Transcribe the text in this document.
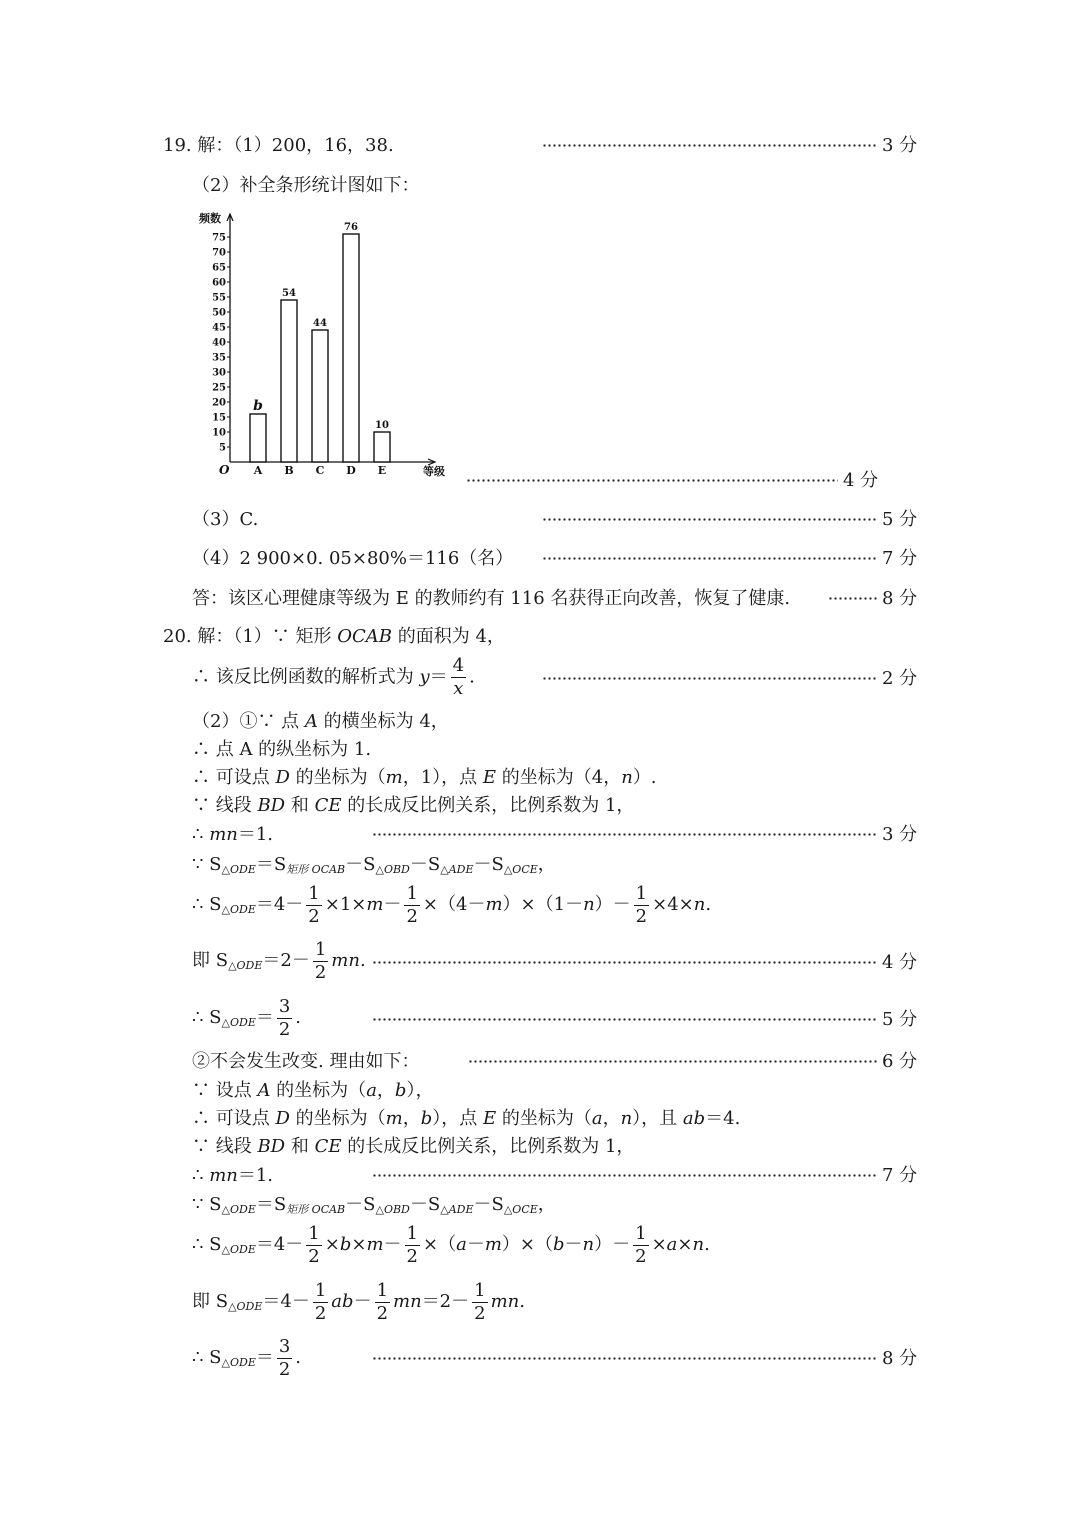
19. 解：（1）200，16，38.	3 分
（2）补全条形统计图如下：
频数
等级
O
5
10
15
20
25
30
35
40
45
50
55
60
65
70
75
A
b
B
54
C
44
D
76
E
10
4 分
（3）C.	5 分
（4）2 900×0. 05×80%＝116（名）	7 分
答：该区心理健康等级为 E 的教师约有 116 名获得正向改善，恢复了健康.	8 分
20. 解：（1）∵ 矩形 OCAB 的面积为 4，
∴ 该反比例函数的解析式为 $y= \frac{4}{x}$ .	2 分
（2）①∵ 点 A 的横坐标为 4，
∴ 点 A 的纵坐标为 1.
∴ 可设点 D 的坐标为（m，1），点 E 的坐标为（4，n）.
∵ 线段 BD 和 CE 的长成反比例关系，比例系数为 1，
∴ mn＝1.	3 分
∵ $S_{\triangle ODE}=S_{矩形 OCAB}-S_{\triangle OBD}-S_{\triangle ADE}-S_{\triangle OCE}$，
∴ $S_{\triangle ODE}=4- \frac{1}{2} \times 1\times m- \frac{1}{2} \times(4-m)\times(1-n)- \frac{1}{2} \times 4\times n$.
即 $S_{\triangle ODE}=2- \frac{1}{2}$ mn.	4 分
∴ $S_{\triangle ODE}= \frac{3}{2}$ .	5 分
②不会发生改变. 理由如下：	6 分
∵ 设点 A 的坐标为（a，b），
∴ 可设点 D 的坐标为（m，b），点 E 的坐标为（a，n），且 ab＝4.
∵ 线段 BD 和 CE 的长成反比例关系，比例系数为 1，
∴ mn＝1.	7 分
∵ $S_{\triangle ODE}=S_{矩形 OCAB}-S_{\triangle OBD}-S_{\triangle ADE}-S_{\triangle OCE}$，
∴ $S_{\triangle ODE}=4- \frac{1}{2} \times b\times m- \frac{1}{2} \times(a-m)\times(b-n)- \frac{1}{2} \times a\times n$.
即 $S_{\triangle ODE}=4- \frac{1}{2} ab- \frac{1}{2} mn=2- \frac{1}{2}$ mn.
∴ $S_{\triangle ODE}= \frac{3}{2}$ .	8 分
